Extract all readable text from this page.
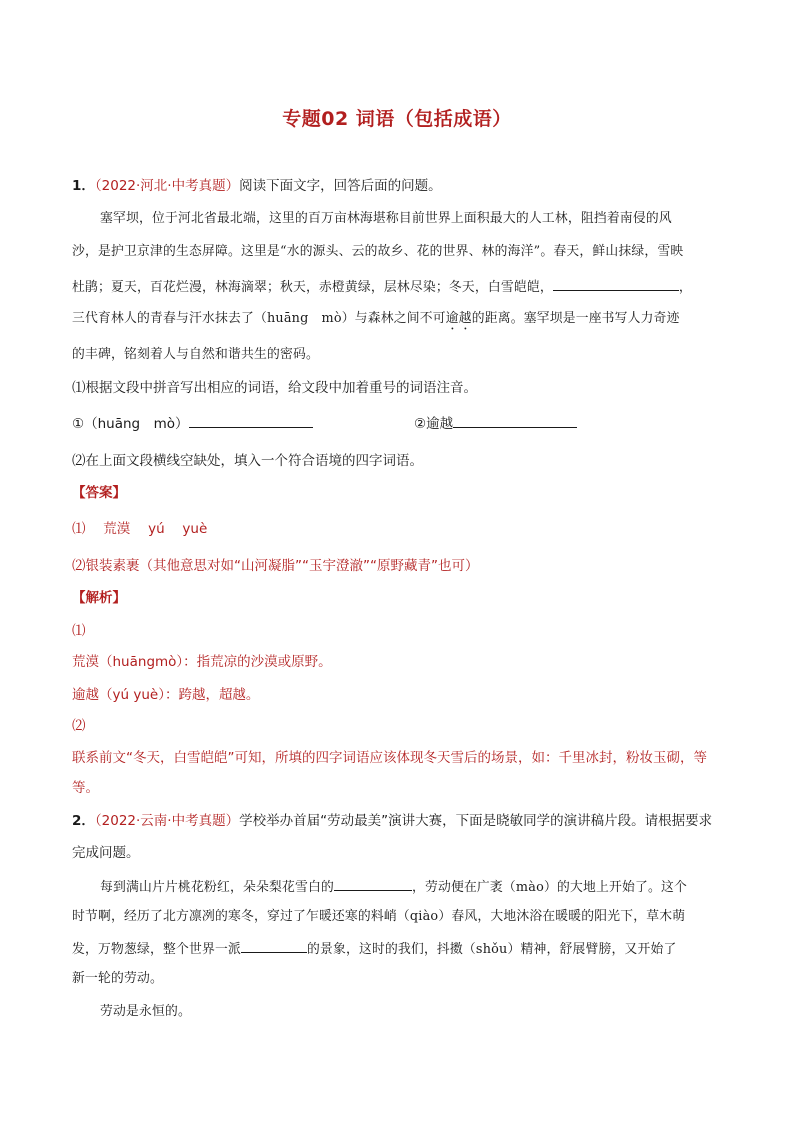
专题02 词语（包括成语）
1．（2022·河北·中考真题）阅读下面文字，回答后面的问题。
塞罕坝，位于河北省最北端，这里的百万亩林海堪称目前世界上面积最大的人工林，阻挡着南侵的风
沙，是护卫京津的生态屏障。这里是“水的源头、云的故乡、花的世界、林的海洋”。春天，鲜山抹绿，雪映
杜鹃；夏天，百花烂漫，林海滴翠；秋天，赤橙黄绿，层林尽染；冬天，白雪皑皑，	，
三代育林人的青春与汗水抹去了（huāng　mò）与森林之间不可逾越的距离。塞罕坝是一座书写人力奇迹
的丰碑，铭刻着人与自然和谐共生的密码。
⑴根据文段中拼音写出相应的词语，给文段中加着重号的词语注音。
①（huāng　mò）	②逾越
⑵在上面文段横线空缺处，填入一个符合语境的四字词语。
【答案】
⑴　 荒漠　 yú　 yuè
⑵银装素裹（其他意思对如“山河凝脂”“玉宇澄澈”“原野藏青”也可）
【解析】
⑴
荒漠（huāngmò）：指荒凉的沙漠或原野。
逾越（yú yuè）：跨越，超越。
⑵
联系前文“冬天，白雪皑皑”可知，所填的四字词语应该体现冬天雪后的场景，如：千里冰封，粉妆玉砌，等
等。
2．（2022·云南·中考真题）学校举办首届“劳动最美”演讲大赛，下面是晓敏同学的演讲稿片段。请根据要求
完成问题。
每到满山片片桃花粉红，朵朵梨花雪白的	，劳动便在广袤（mào）的大地上开始了。这个
时节啊，经历了北方凛冽的寒冬，穿过了乍暖还寒的料峭（qiào）春风，大地沐浴在暖暖的阳光下，草木萌
发，万物葱绿，整个世界一派	的景象，这时的我们，抖擞（shǒu）精神，舒展臂膀，又开始了
新一轮的劳动。
劳动是永恒的。
